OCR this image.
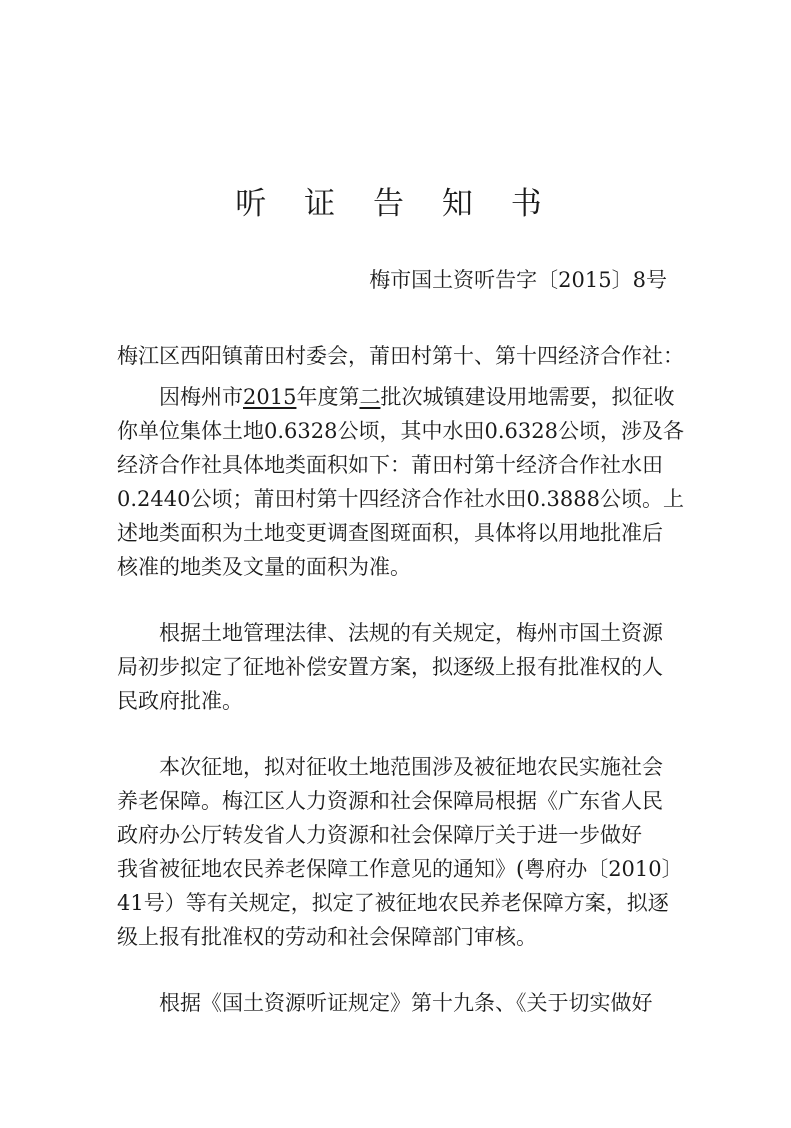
听 证 告 知 书
梅市国土资听告字〔2015〕8号
梅江区西阳镇莆田村委会，莆田村第十、第十四经济合作社：
因梅州市2015年度第二批次城镇建设用地需要，拟征收
你单位集体土地0.6328公顷，其中水田0.6328公顷，涉及各
经济合作社具体地类面积如下：莆田村第十经济合作社水田
0.2440公顷；莆田村第十四经济合作社水田0.3888公顷。上
述地类面积为土地变更调查图斑面积，具体将以用地批准后
核准的地类及文量的面积为准。
根据土地管理法律、法规的有关规定，梅州市国土资源
局初步拟定了征地补偿安置方案，拟逐级上报有批准权的人
民政府批准。
本次征地，拟对征收土地范围涉及被征地农民实施社会
养老保障。梅江区人力资源和社会保障局根据《广东省人民
政府办公厅转发省人力资源和社会保障厅关于进一步做好
我省被征地农民养老保障工作意见的通知》(粤府办〔2010〕
41号）等有关规定，拟定了被征地农民养老保障方案，拟逐
级上报有批准权的劳动和社会保障部门审核。
根据《国土资源听证规定》第十九条、《关于切实做好
